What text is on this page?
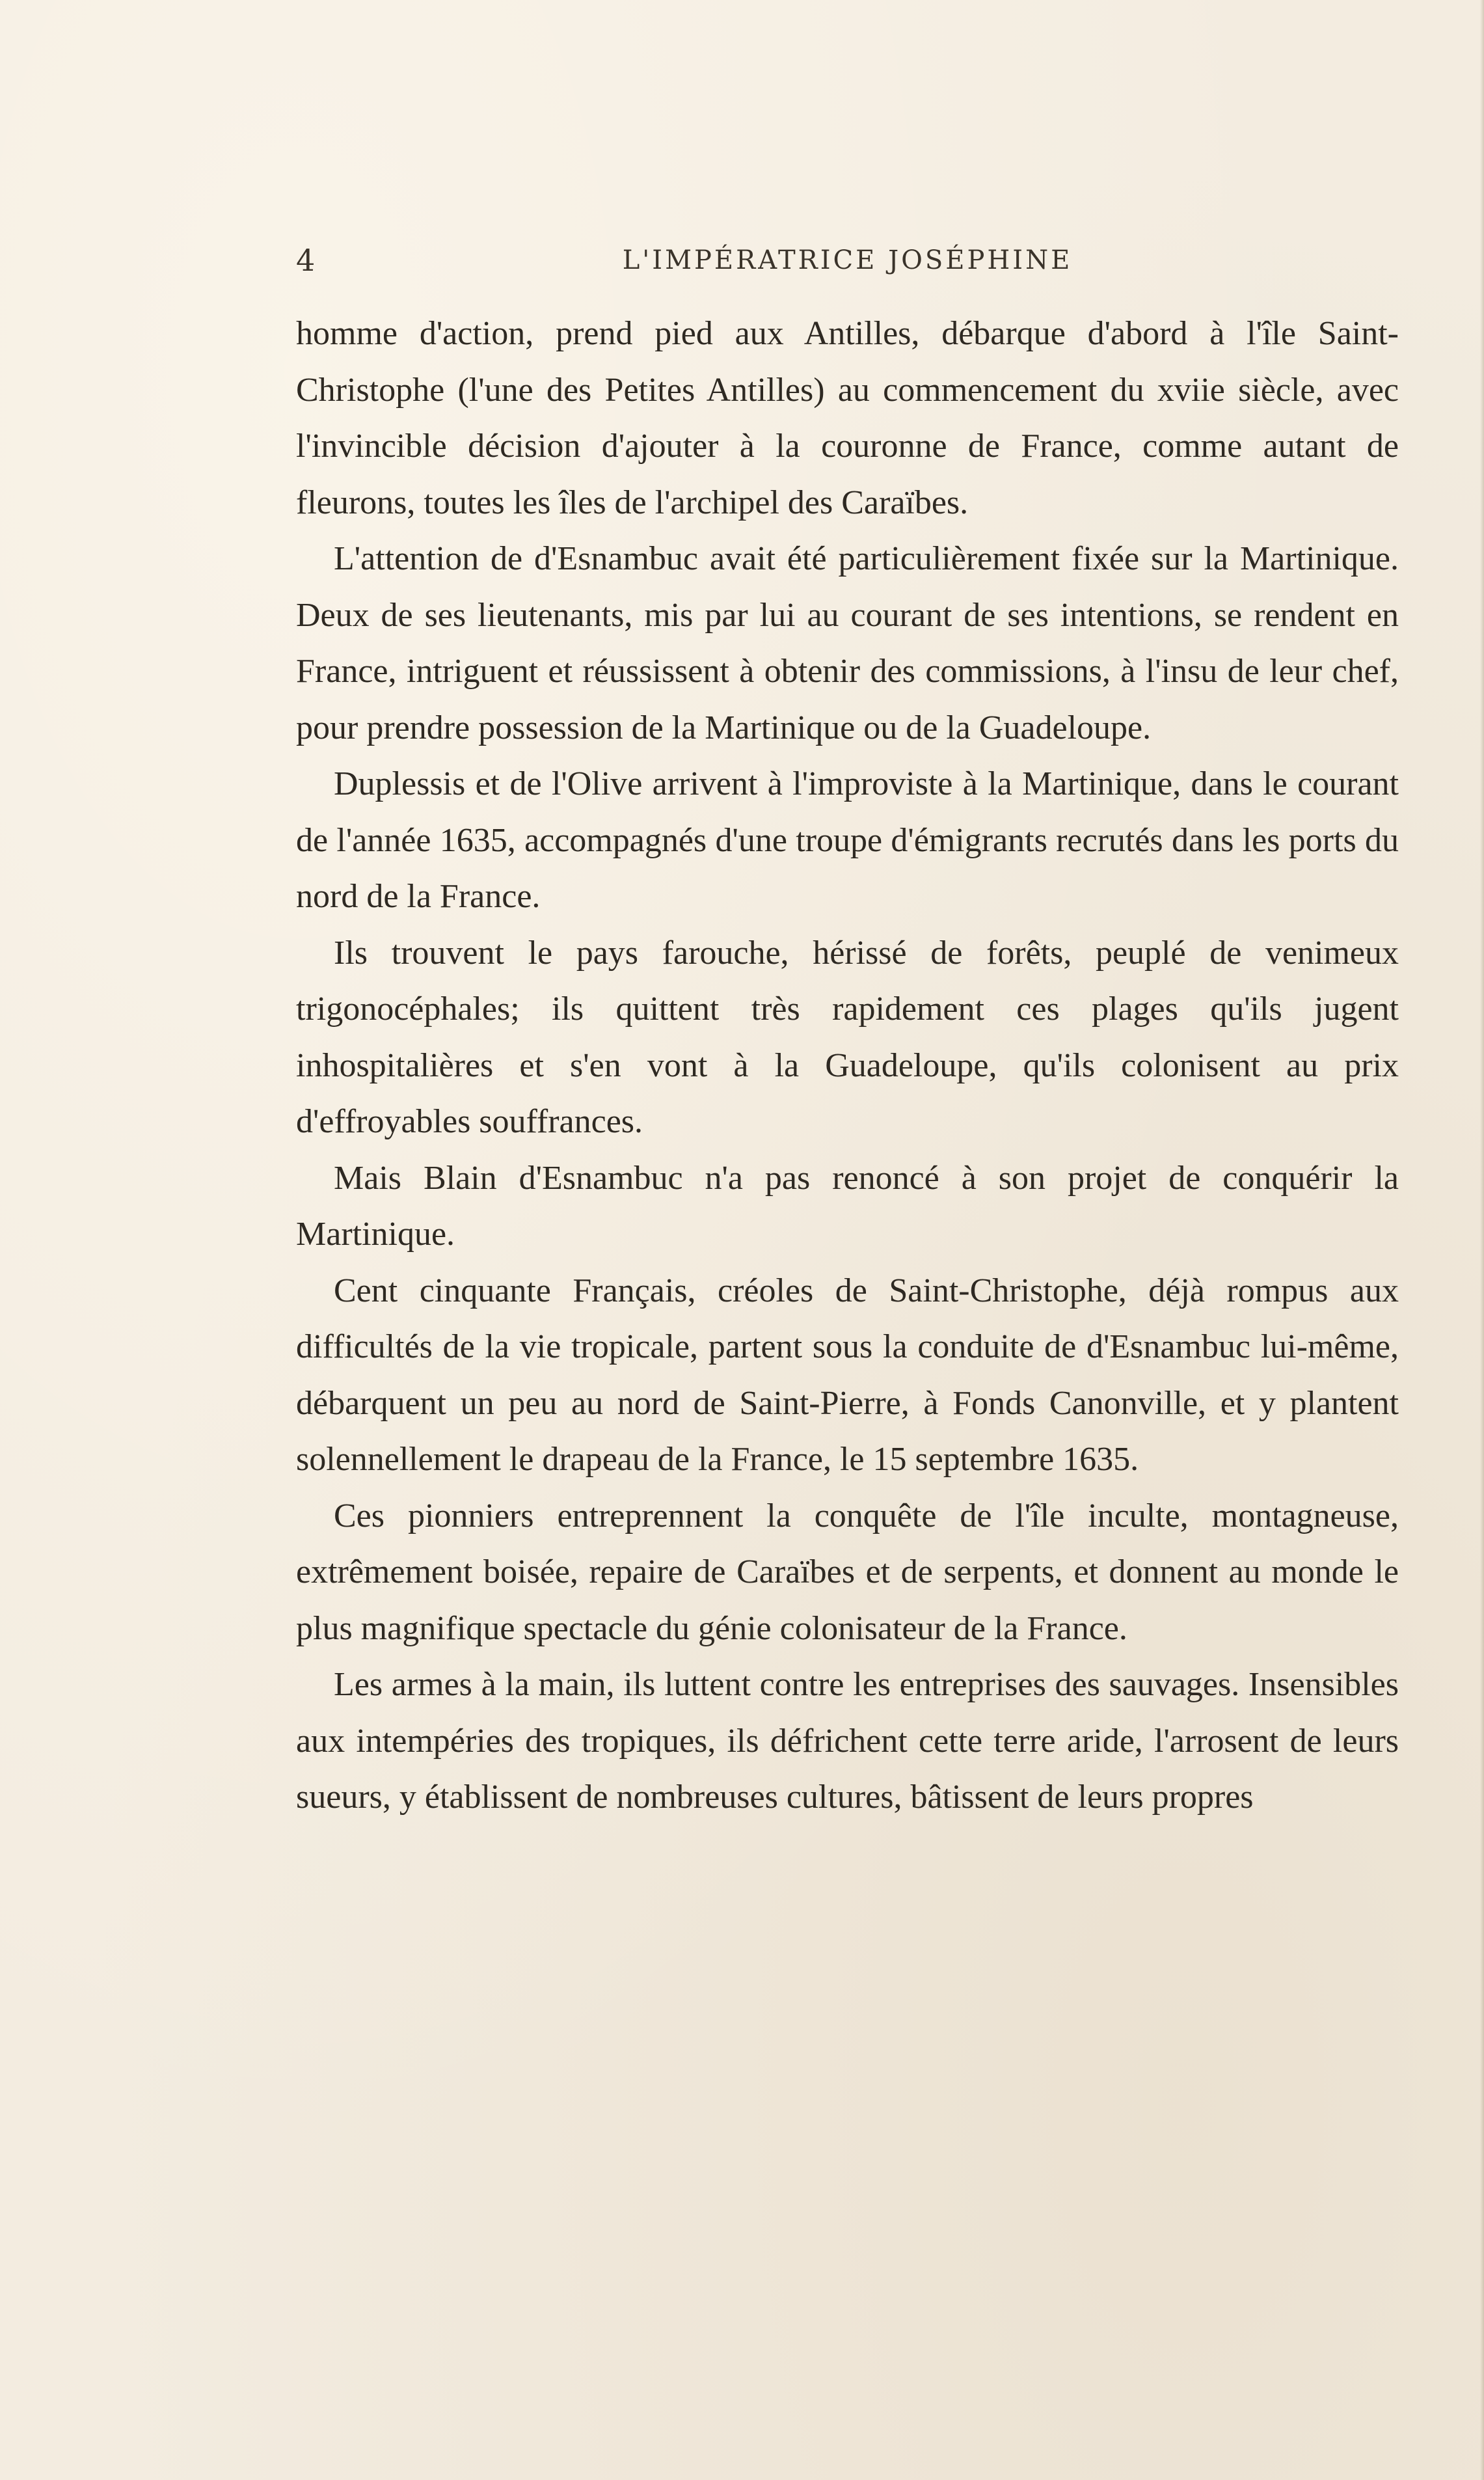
4	L'IMPÉRATRICE JOSÉPHINE

homme d'action, prend pied aux Antilles, débarque d'abord à l'île Saint-Christophe (l'une des Petites Antilles) au commencement du xviie siècle, avec l'invincible décision d'ajouter à la couronne de France, comme autant de fleurons, toutes les îles de l'archipel des Caraïbes.

L'attention de d'Esnambuc avait été particulièrement fixée sur la Martinique. Deux de ses lieutenants, mis par lui au courant de ses intentions, se rendent en France, intriguent et réussissent à obtenir des commissions, à l'insu de leur chef, pour prendre possession de la Martinique ou de la Guadeloupe.

Duplessis et de l'Olive arrivent à l'improviste à la Martinique, dans le courant de l'année 1635, accompagnés d'une troupe d'émigrants recrutés dans les ports du nord de la France.

Ils trouvent le pays farouche, hérissé de forêts, peuplé de venimeux trigonocéphales; ils quittent très rapidement ces plages qu'ils jugent inhospitalières et s'en vont à la Guadeloupe, qu'ils colonisent au prix d'effroyables souffrances.

Mais Blain d'Esnambuc n'a pas renoncé à son projet de conquérir la Martinique.

Cent cinquante Français, créoles de Saint-Christophe, déjà rompus aux difficultés de la vie tropicale, partent sous la conduite de d'Esnambuc lui-même, débarquent un peu au nord de Saint-Pierre, à Fonds Canonville, et y plantent solennellement le drapeau de la France, le 15 septembre 1635.

Ces pionniers entreprennent la conquête de l'île inculte, montagneuse, extrêmement boisée, repaire de Caraïbes et de serpents, et donnent au monde le plus magnifique spectacle du génie colonisateur de la France.

Les armes à la main, ils luttent contre les entreprises des sauvages. Insensibles aux intempéries des tropiques, ils défrichent cette terre aride, l'arrosent de leurs sueurs, y établissent de nombreuses cultures, bâtissent de leurs propres
